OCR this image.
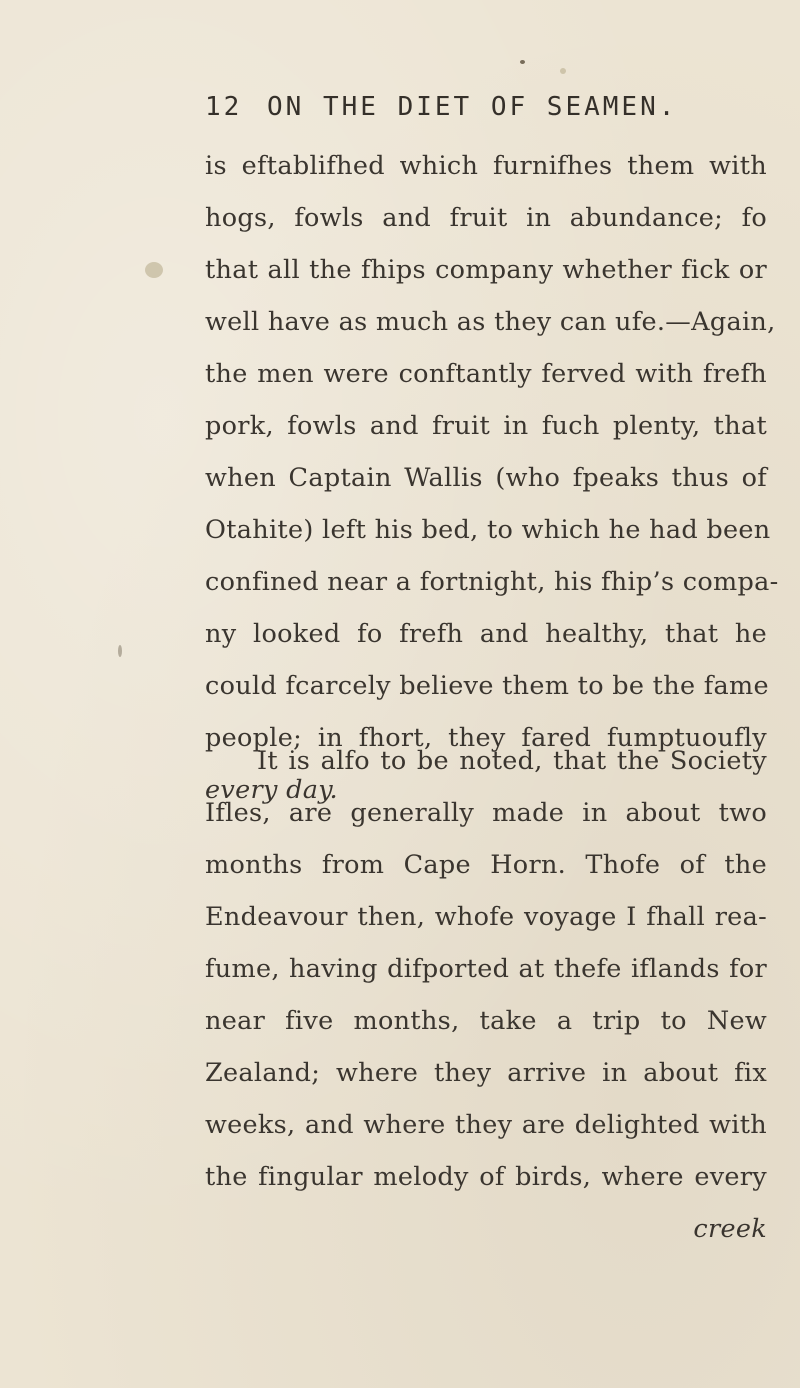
12 ON THE DIET OF SEAMEN.
is eftablifhed which furnifhes them with
hogs, fowls and fruit in abundance; fo
that all the fhips company whether fick or
well have as much as they can ufe.—Again,
the men were conftantly ferved with frefh
pork, fowls and fruit in fuch plenty, that
when Captain Wallis (who fpeaks thus of
Otahite) left his bed, to which he had been
confined near a fortnight, his fhip’s compa-
ny looked fo frefh and healthy, that he
could fcarcely believe them to be the fame
people; in fhort, they fared fumptuoufly
every day.
It is alfo to be noted, that the Society
Ifles, are generally made in about two
months from Cape Horn. Thofe of the
Endeavour then, whofe voyage I fhall rea-
fume, having difported at thefe iflands for
near five months, take a trip to New
Zealand; where they arrive in about fix
weeks, and where they are delighted with
the fingular melody of birds, where every
creek
